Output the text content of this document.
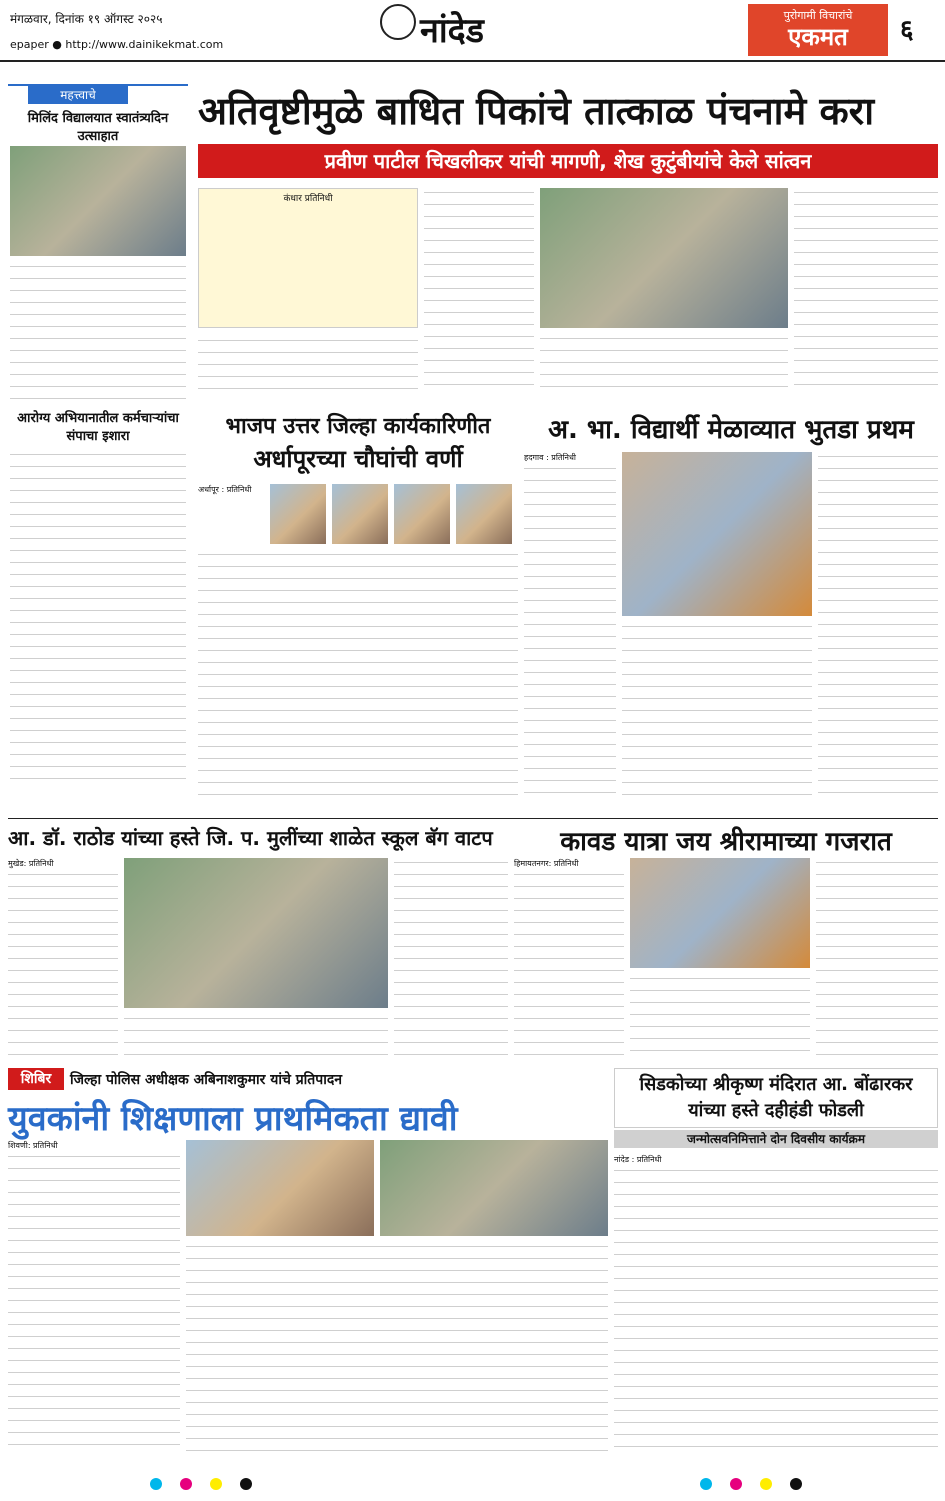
मंगळवार, दिनांक १९ ऑगस्ट २०२५	नांदेड
epaper ● http://www.dainikekmat.com
पुरोगामी विचारांचे
एकमत	६
महत्त्वाचे
मिलिंद विद्यालयात स्वातंत्र्यदिन उत्साहात
आरोग्य अभियानातील कर्मचाऱ्यांचा संपाचा इशारा
अतिवृष्टीमुळे बाधित पिकांचे तात्काळ पंचनामे करा
प्रवीण पाटील चिखलीकर यांची मागणी, शेख कुटुंबीयांचे केले सांत्वन
कंधार प्रतिनिधी
भाजप उत्तर जिल्हा कार्यकारिणीत
अर्धापूरच्या चौघांची वर्णी
अर्धापूर : प्रतिनिधी
अ. भा. विद्यार्थी मेळाव्यात भुतडा प्रथम
हदगाव : प्रतिनिधी
आ. डॉ. राठोड यांच्या हस्ते जि. प. मुलींच्या शाळेत स्कूल बॅग वाटप
मुखेड: प्रतिनिधी
कावड यात्रा जय श्रीरामाच्या गजरात
हिमायतनगर: प्रतिनिधी
शिबिर	जिल्हा पोलिस अधीक्षक अबिनाशकुमार यांचे प्रतिपादन
युवकांनी शिक्षणाला प्राथमिकता द्यावी
शिवणी: प्रतिनिधी
सिडकोच्या श्रीकृष्ण मंदिरात आ. बोंढारकर
यांच्या हस्ते दहीहंडी फोडली
जन्मोत्सवनिमित्ताने दोन दिवसीय कार्यक्रम
नांदेड : प्रतिनिधी
